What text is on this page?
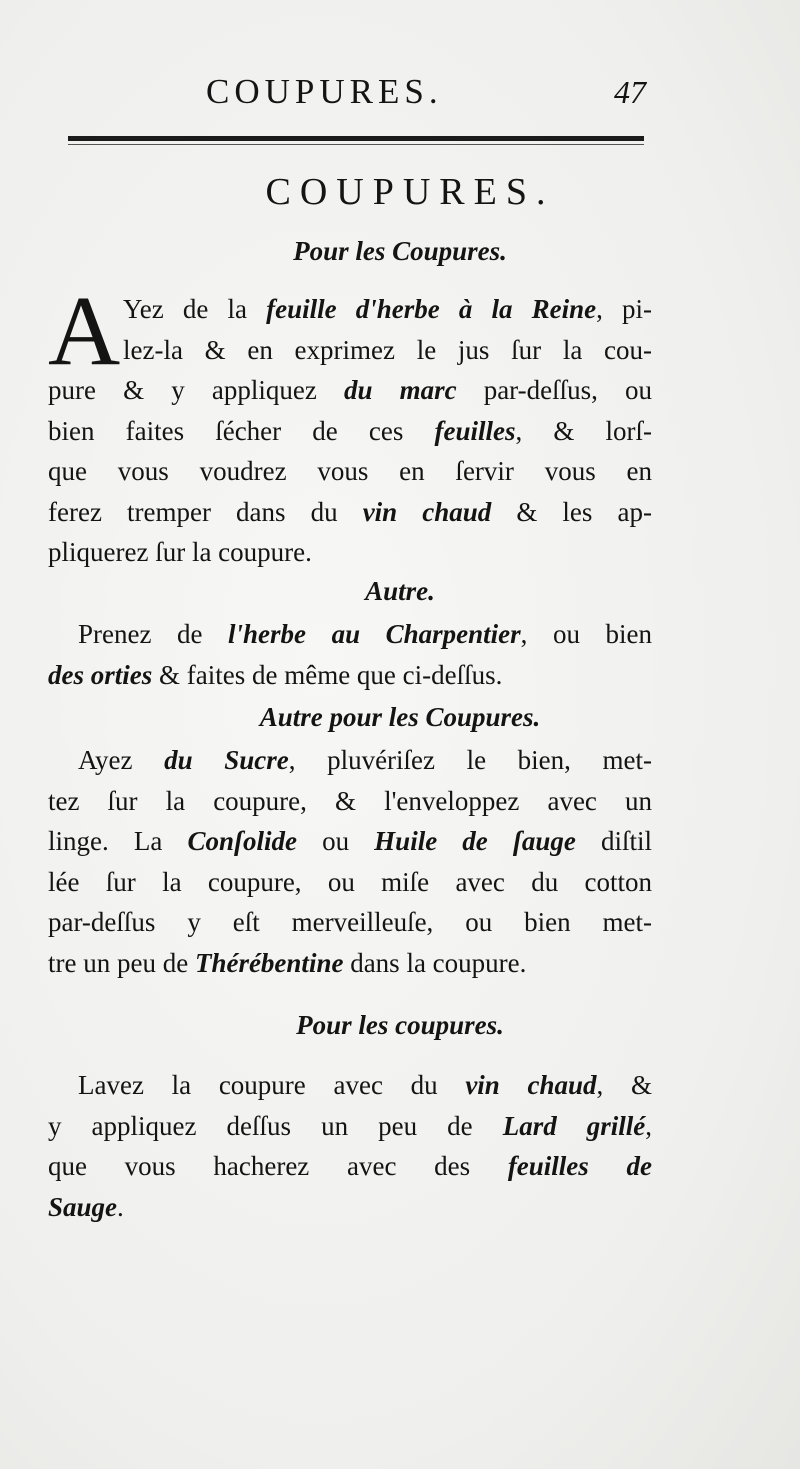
COUPURES.	47
COUPURES.
Pour les Coupures.
A Yez de la feuille d'herbe à la Reine, pi-
lez-la & en exprimez le jus ſur la cou-
pure & y appliquez du marc par-deſſus, ou
bien faites ſécher de ces feuilles, & lorſ-
que vous voudrez vous en ſervir vous en
ferez tremper dans du vin chaud & les ap-
pliquerez ſur la coupure.
Autre.
Prenez de l'herbe au Charpentier, ou bien
des orties & faites de même que ci-deſſus.
Autre pour les Coupures.
Ayez du Sucre, pluvériſez le bien, met-
tez ſur la coupure, & l'enveloppez avec un
linge. La Conſolide ou Huile de ſauge diſtil
lée ſur la coupure, ou miſe avec du cotton
par-deſſus y eſt merveilleuſe, ou bien met-
tre un peu de Thérébentine dans la coupure.
Pour les coupures.
Lavez la coupure avec du vin chaud, &
y appliquez deſſus un peu de Lard grillé,
que vous hacherez avec des feuilles de
Sauge.
